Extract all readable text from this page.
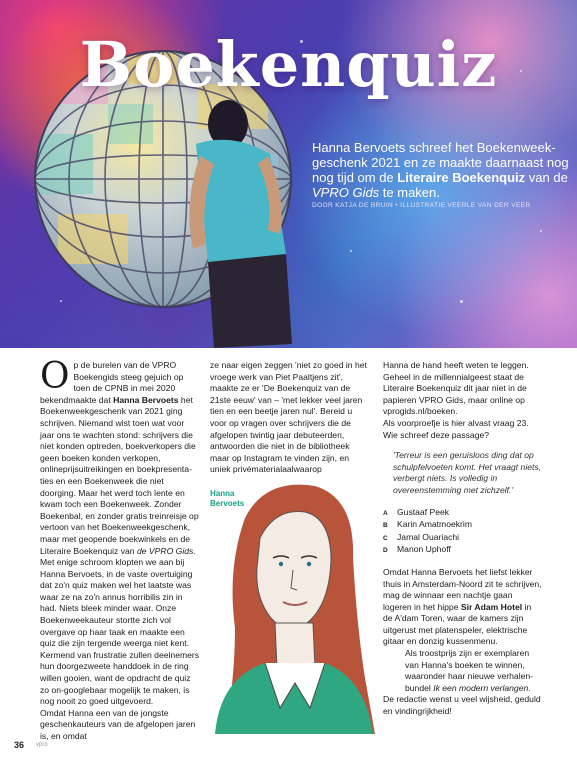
Boekenquiz
Hanna Bervoets schreef het Boekenweekgeschenk 2021 en ze maakte daarnaast nog nog tijd om de Literaire Boekenquiz van de VPRO Gids te maken.
DOOR KATJA DE BRUIN • ILLUSTRATIE VEERLE VAN DER VEER

Op de burelen van de VPRO Boekengids steeg gejuich op toen de CPNB in mei 2020 bekendmaakte dat Hanna Bervoets het Boekenweekgeschenk van 2021 ging schrijven. Niemand wist toen wat voor jaar ons te wachten stond: schrijvers die niet konden optreden, boekverkopers die geen boeken konden verkopen, onlineprijsuitreikingen en boekpresentaties en een Boekenweek die niet doorging. Maar het werd toch lente en kwam toch een Boekenweek. Zonder Boekenbal, en zonder gratis treinreisje op vertoon van het Boekenweekgeschenk, maar met geopende boekwinkels en de Literaire Boekenquiz van de VPRO Gids.

Met enige schroom klopten we aan bij Hanna Bervoets, in de vaste overtuiging dat zo'n quiz maken wel het laatste was waar ze na zo'n annus horribilis zin in had. Niets bleek minder waar. Onze Boekenweekauteur stortte zich vol overgave op haar taak en maakte een quiz die zijn tergende weerga niet kent.

Kermend van frustratie zullen deelnemers hun doorgezweete handdoek in de ring willen gooien, want de opdracht de quiz zo on-googlebaar mogelijk te maken, is nog nooit zo goed uitgevoerd.

Omdat Hanna een van de jongste geschenkauteurs van de afgelopen jaren is, en omdat

ze naar eigen zeggen 'niet zo goed in het vroege werk van Piet Paaltjens zit', maakte ze er 'De Boekenquiz van de 21ste eeuw' van – 'met lekker veel jaren tien en een beetje jaren nul'. Bereid u voor op vragen over schrijvers die de afgelopen twintig jaar debuteerden, antwoorden die niet in de bibliotheek maar op Instagram te vinden zijn, en uniek privématerialaalwaarop

Hanna Bervoets

Hanna de hand heeft weten te leggen.

Geheel in de millennialgeest staat de Literaire Boekenquiz dit jaar niet in de papieren VPRO Gids, maar online op vprogids.nl/boeken.

Als voorproefje is hier alvast vraag 23. Wie schreef deze passage?

'Terreur is een geruisloos ding dat op schulpfelvoeten komt. Het vraagt niets, verbergt niets. Is volledig in overeenstemming met zichzelf.'

A	Gustaaf Peek
B	Karin Amatmoekrim
C	Jamal Ouariachi
D	Manon Uphoff

Omdat Hanna Bervoets het liefst lekker thuis in Amsterdam-Noord zit te schrijven, mag de winnaar een nachtje gaan logeren in het hippe Sir Adam Hotel in de A'dam Toren, waar de kamers zijn uitgerust met platenspeler, elektrische gitaar en donzig kussenmenu.

Als troostprijs zijn er exemplaren van Hanna's boeken te winnen, waaronder haar nieuwe verhalenbundel Ik een modern verlangen.

De redactie wenst u veel wijsheid, geduld en vindingrijkheid!

36 vpro
